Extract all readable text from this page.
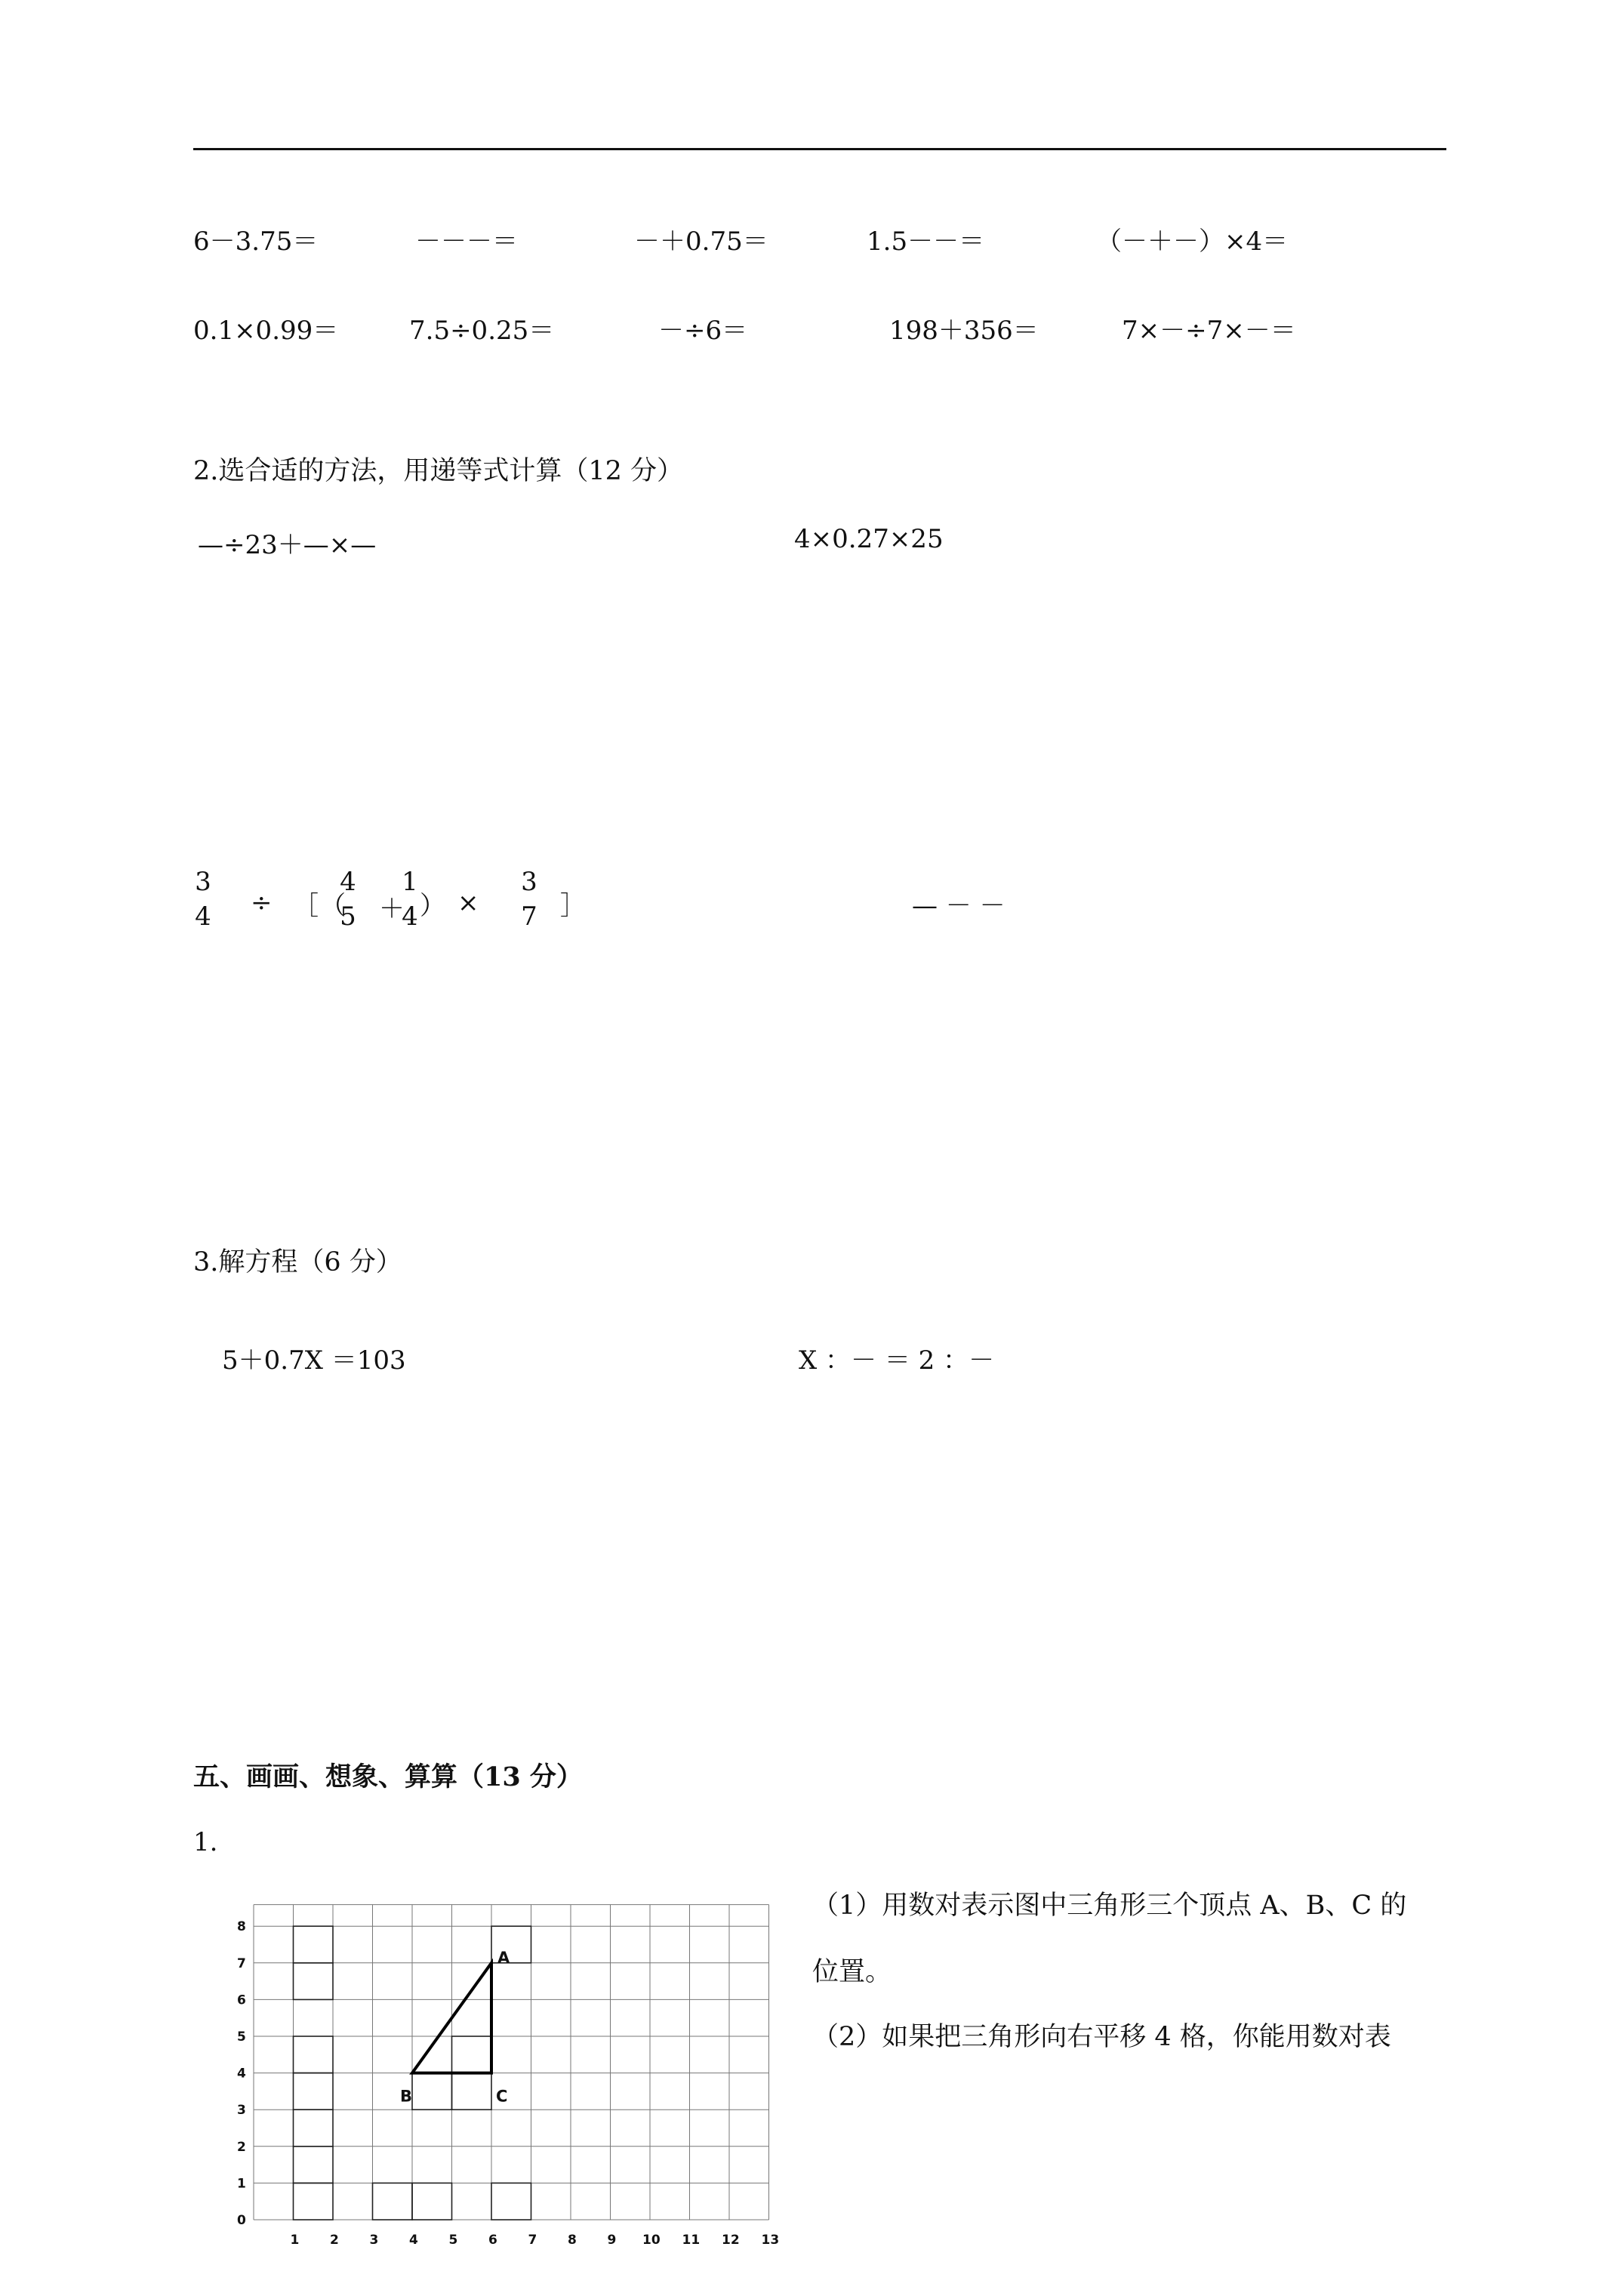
6－3.75＝	－－－＝	－＋0.75＝	1.5－－＝	（－＋－）×4＝
0.1×0.99＝	7.5÷0.25＝	－÷6＝	198＋356＝	7×－÷7×－＝
2.选合适的方法，用递等式计算（12 分）
—÷23＋—×—	4×0.27×25
3
4 ÷ ［ （
4
5 ＋
1
4 ） ×
3
7 ］	— － －
3.解方程（6 分）
5＋0.7X ＝103	X ：－ ＝ 2 ：－
五、画画、想象、算算（13 分）
1.
（1）用数对表示图中三角形三个顶点 A、B、C 的
位置。
（2）如果把三角形向右平移 4 格，你能用数对表
1 2 3 4 5 6 7 8 9 10 11 12 13
0
1
2
3
4
5
6
7
8
A
B	C
